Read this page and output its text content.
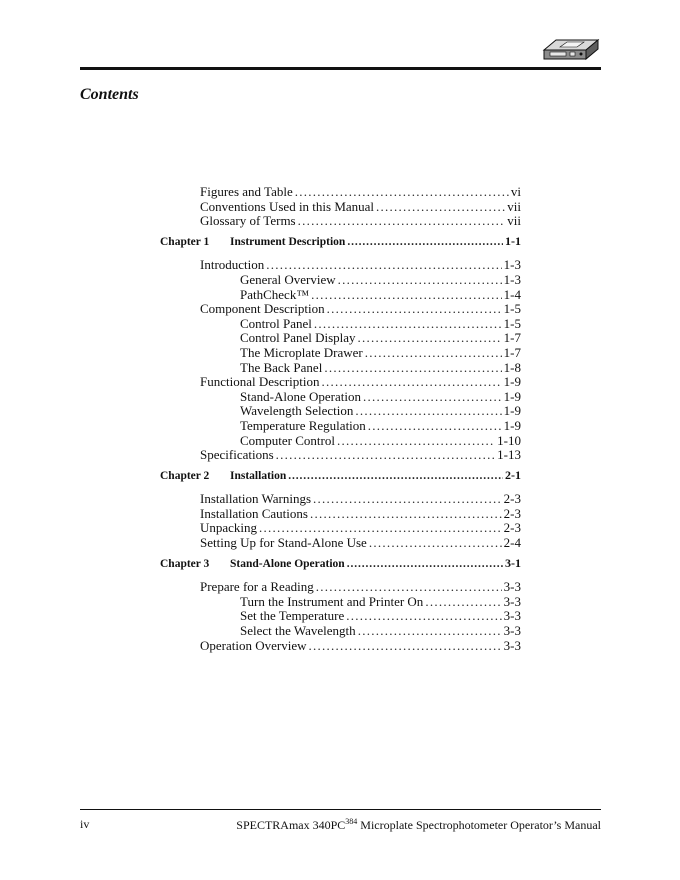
Contents
Figures and Table . . .	vi
Conventions Used in this Manual . . .	vii
Glossary of Terms . . .	vii
Chapter 1	Instrument Description . . .	1-1
Introduction . . .	1-3
General Overview . . .	1-3
PathCheck™ . . .	1-4
Component Description . . .	1-5
Control Panel . . .	1-5
Control Panel Display . . .	1-7
The Microplate Drawer . . .	1-7
The Back Panel . . .	1-8
Functional Description . . .	1-9
Stand-Alone Operation . . .	1-9
Wavelength Selection . . .	1-9
Temperature Regulation . . .	1-9
Computer Control . . .	1-10
Specifications . . .	1-13
Chapter 2	Installation . . .	2-1
Installation Warnings . . .	2-3
Installation Cautions . . .	2-3
Unpacking . . .	2-3
Setting Up for Stand-Alone Use . . .	2-4
Chapter 3	Stand-Alone Operation . . .	3-1
Prepare for a Reading . . .	3-3
Turn the Instrument and Printer On . . .	3-3
Set the Temperature . . .	3-3
Select the Wavelength . . .	3-3
Operation Overview . . .	3-3
iv	SPECTRAmax 340PC$^{384}$ Microplate Spectrophotometer Operator’s Manual
